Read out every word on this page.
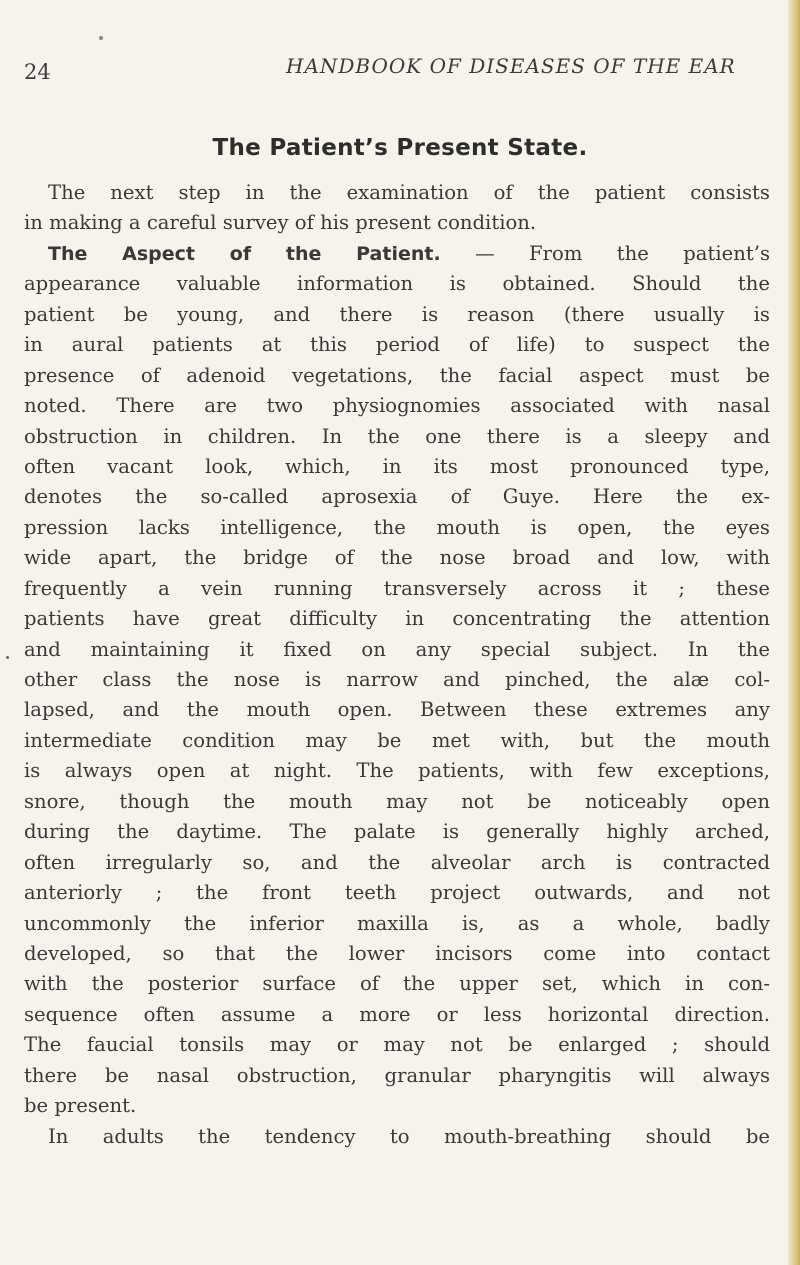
24	HANDBOOK OF DISEASES OF THE EAR
The Patient’s Present State.
The next step in the examination of the patient consists
in making a careful survey of his present condition.
The Aspect of the Patient. — From the patient’s
appearance valuable information is obtained. Should the
patient be young, and there is reason (there usually is
in aural patients at this period of life) to suspect the
presence of adenoid vegetations, the facial aspect must be
noted. There are two physiognomies associated with nasal
obstruction in children. In the one there is a sleepy and
often vacant look, which, in its most pronounced type,
denotes the so-called aprosexia of Guye. Here the ex-
pression lacks intelligence, the mouth is open, the eyes
wide apart, the bridge of the nose broad and low, with
frequently a vein running transversely across it ; these
patients have great difficulty in concentrating the attention
and maintaining it fixed on any special subject. In the
other class the nose is narrow and pinched, the alæ col-
lapsed, and the mouth open. Between these extremes any
intermediate condition may be met with, but the mouth
is always open at night. The patients, with few exceptions,
snore, though the mouth may not be noticeably open
during the daytime. The palate is generally highly arched,
often irregularly so, and the alveolar arch is contracted
anteriorly ; the front teeth project outwards, and not
uncommonly the inferior maxilla is, as a whole, badly
developed, so that the lower incisors come into contact
with the posterior surface of the upper set, which in con-
sequence often assume a more or less horizontal direction.
The faucial tonsils may or may not be enlarged ; should
there be nasal obstruction, granular pharyngitis will always
be present.
In adults the tendency to mouth-breathing should be
